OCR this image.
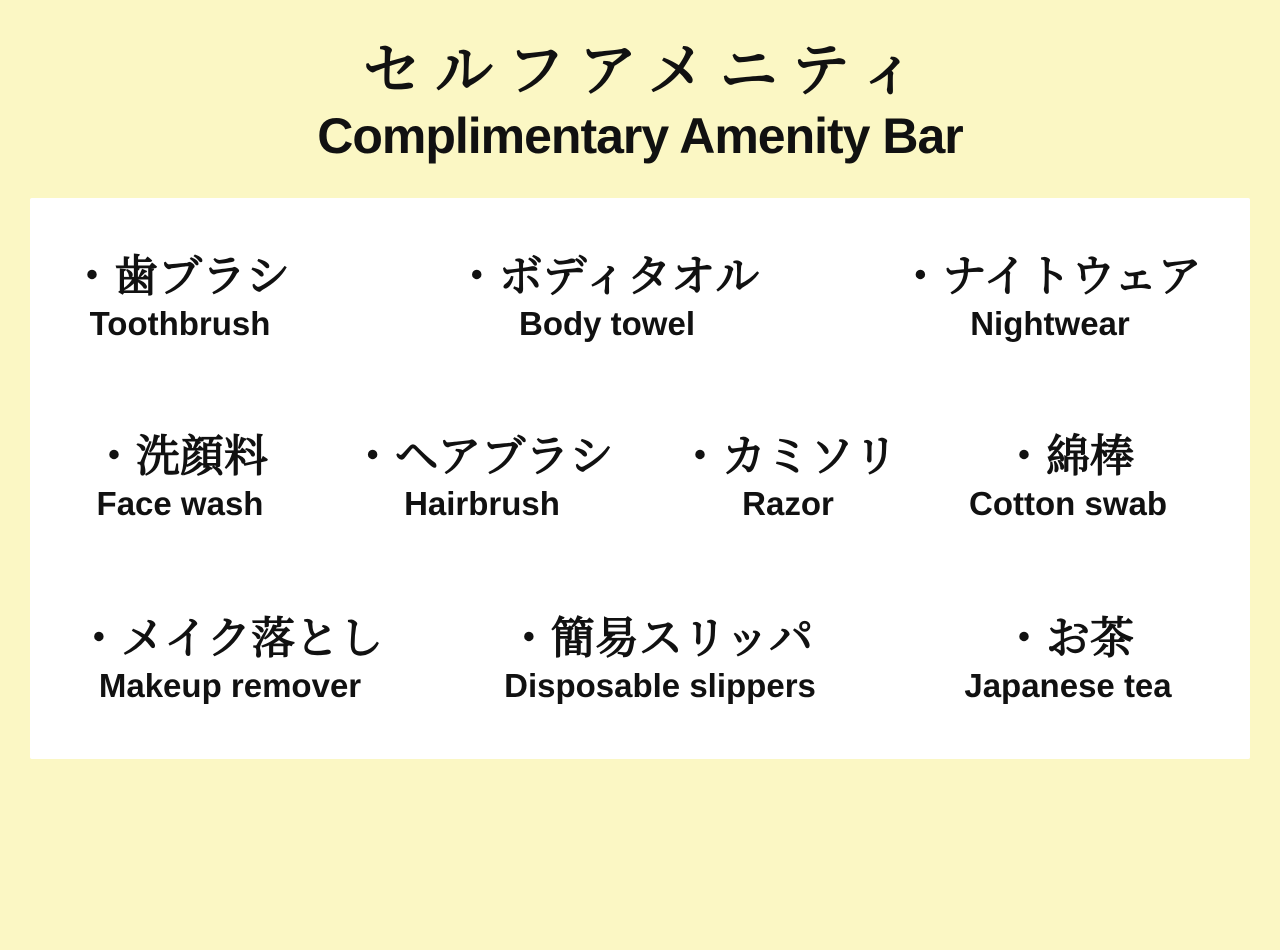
セルフアメニティ
Complimentary Amenity Bar
・歯ブラシ
Toothbrush
・ボディタオル
Body towel
・ナイトウェア
Nightwear
・洗顔料
Face wash
・ヘアブラシ
Hairbrush
・カミソリ
Razor
・綿棒
Cotton swab
・メイク落とし
Makeup remover
・簡易スリッパ
Disposable slippers
・お茶
Japanese tea
